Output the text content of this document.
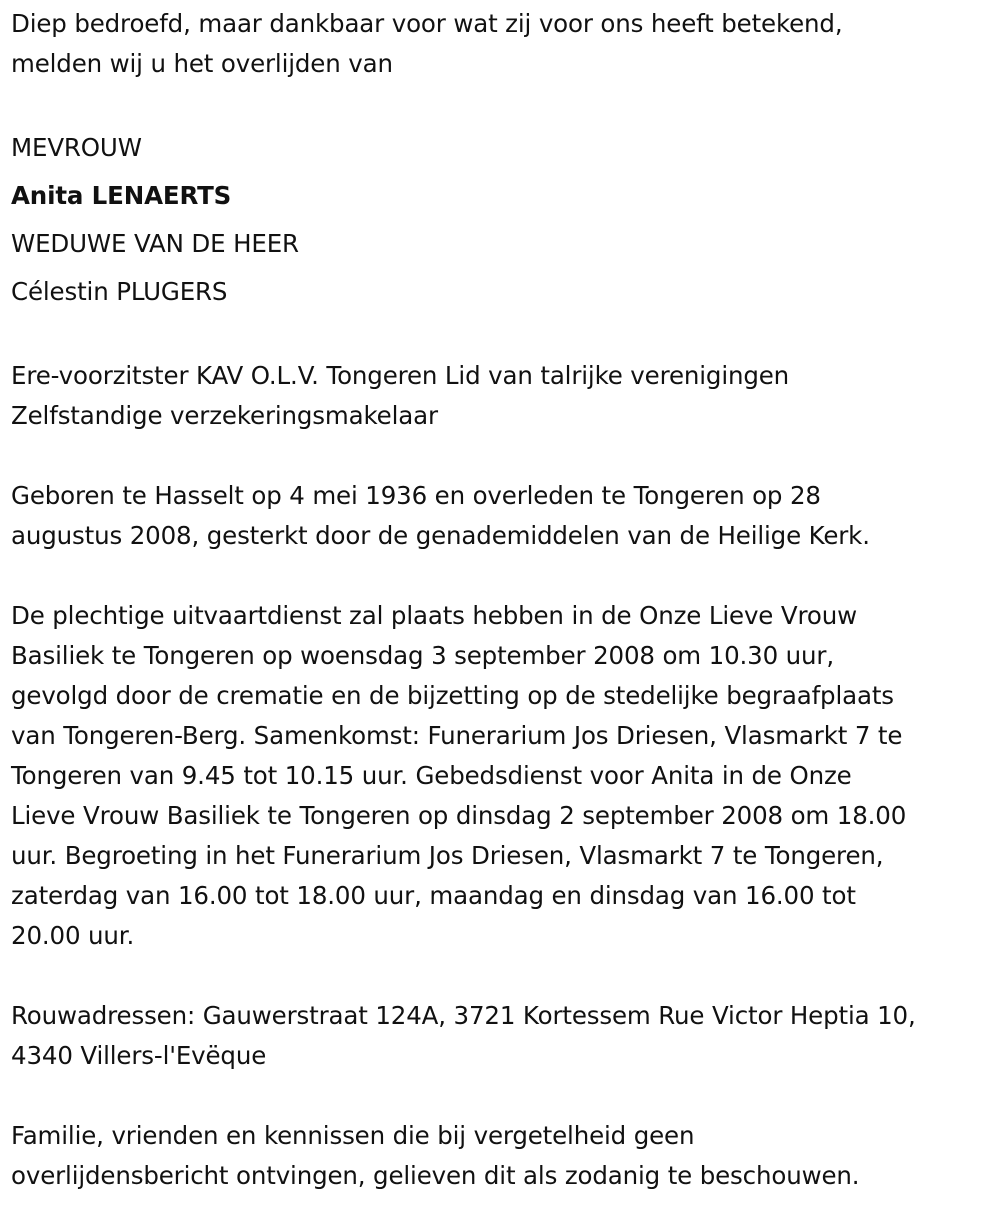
Diep bedroefd, maar dankbaar voor wat zij voor ons heeft betekend,

melden wij u het overlijden van

MEVROUW

Anita LENAERTS

WEDUWE VAN DE HEER

Célestin PLUGERS

Ere-voorzitster KAV O.L.V. Tongeren Lid van talrijke verenigingen

Zelfstandige verzekeringsmakelaar

Geboren te Hasselt op 4 mei 1936 en overleden te Tongeren op 28

augustus 2008, gesterkt door de genademiddelen van de Heilige Kerk.

De plechtige uitvaartdienst zal plaats hebben in de Onze Lieve Vrouw

Basiliek te Tongeren op woensdag 3 september 2008 om 10.30 uur,

gevolgd door de crematie en de bijzetting op de stedelijke begraafplaats

van Tongeren-Berg. Samenkomst: Funerarium Jos Driesen, Vlasmarkt 7 te

Tongeren van 9.45 tot 10.15 uur. Gebedsdienst voor Anita in de Onze

Lieve Vrouw Basiliek te Tongeren op dinsdag 2 september 2008 om 18.00

uur. Begroeting in het Funerarium Jos Driesen, Vlasmarkt 7 te Tongeren,

zaterdag van 16.00 tot 18.00 uur, maandag en dinsdag van 16.00 tot

20.00 uur.

Rouwadressen: Gauwerstraat 124A, 3721 Kortessem Rue Victor Heptia 10,

4340 Villers-l'Evëque

Familie, vrienden en kennissen die bij vergetelheid geen

overlijdensbericht ontvingen, gelieven dit als zodanig te beschouwen.
